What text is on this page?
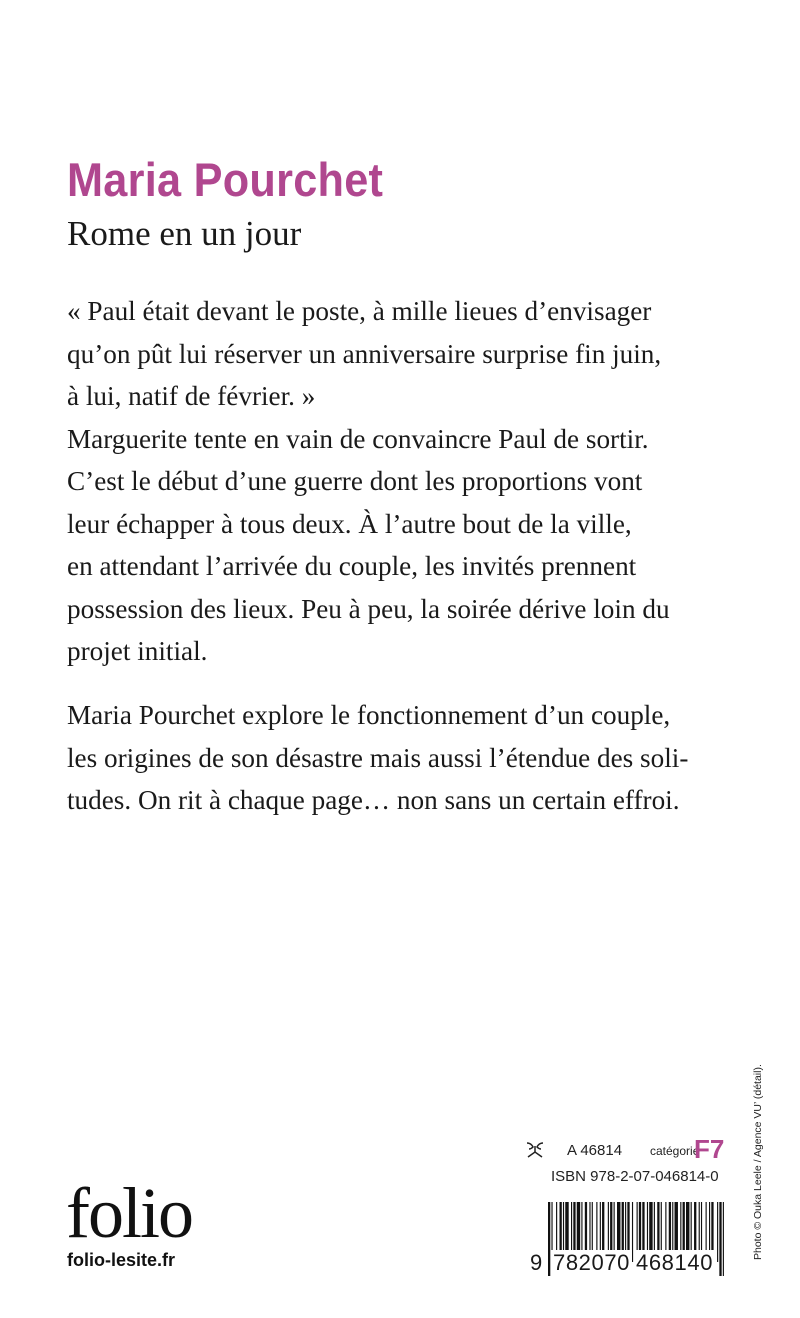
Maria Pourchet
Rome en un jour
« Paul était devant le poste, à mille lieues d’envisager
qu’on pût lui réserver un anniversaire surprise fin juin,
à lui, natif de février. »
Marguerite tente en vain de convaincre Paul de sortir.
C’est le début d’une guerre dont les proportions vont
leur échapper à tous deux. À l’autre bout de la ville,
en attendant l’arrivée du couple, les invités prennent
possession des lieux. Peu à peu, la soirée dérive loin du
projet initial.
Maria Pourchet explore le fonctionnement d’un couple,
les origines de son désastre mais aussi l’étendue des soli-
tudes. On rit à chaque page… non sans un certain effroi.
Photo © Ouka Leele / Agence VU’ (détail).
A 46814 catégorie
F7
ISBN 978-2-07-046814-0
9 782070 468140
folio
folio-lesite.fr
